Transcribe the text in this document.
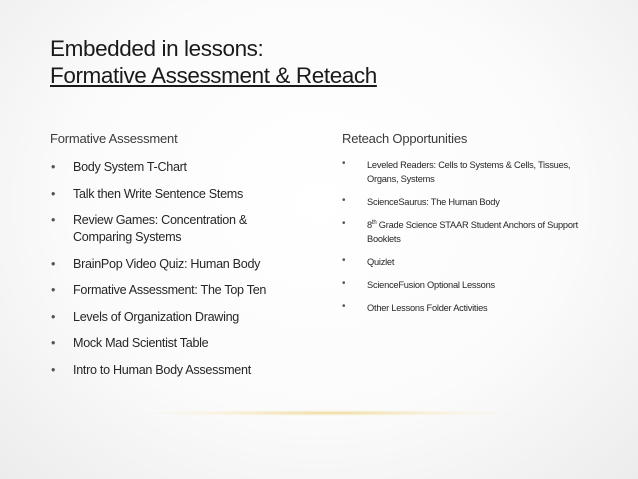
Embedded in lessons:
Formative Assessment & Reteach
Formative Assessment
• Body System T-Chart
• Talk then Write Sentence Stems
• Review Games: Concentration & Comparing Systems
• BrainPop Video Quiz: Human Body
• Formative Assessment: The Top Ten
• Levels of Organization Drawing
• Mock Mad Scientist Table
• Intro to Human Body Assessment
Reteach Opportunities
• Leveled Readers: Cells to Systems & Cells, Tissues, Organs, Systems
• ScienceSaurus: The Human Body
• 8th Grade Science STAAR Student Anchors of Support Booklets
• Quizlet
• ScienceFusion Optional Lessons
• Other Lessons Folder Activities
